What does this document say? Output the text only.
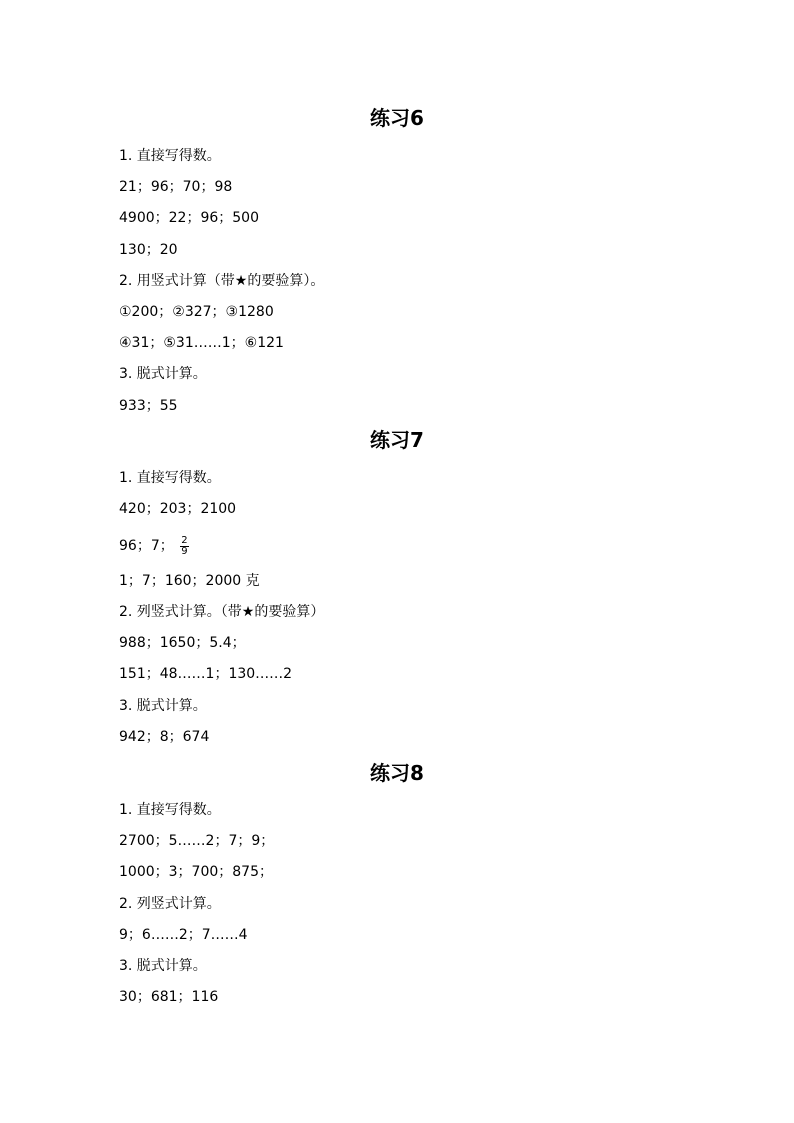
练习6
1. 直接写得数。
21；96；70；98
4900；22；96；500
130；20
2. 用竖式计算（带★的要验算）。
①200；②327；③1280
④31；⑤31……1；⑥121
3. 脱式计算。
933；55
练习7
1. 直接写得数。
420；203；2100
96；7； $\frac{2}{9}$
1；7；160；2000 克
2. 列竖式计算。（带★的要验算）
988；1650；5.4；
151；48……1；130……2
3. 脱式计算。
942；8；674
练习8
1. 直接写得数。
2700；5……2；7；9；
1000；3；700；875；
2. 列竖式计算。
9；6……2；7……4
3. 脱式计算。
30；681；116
